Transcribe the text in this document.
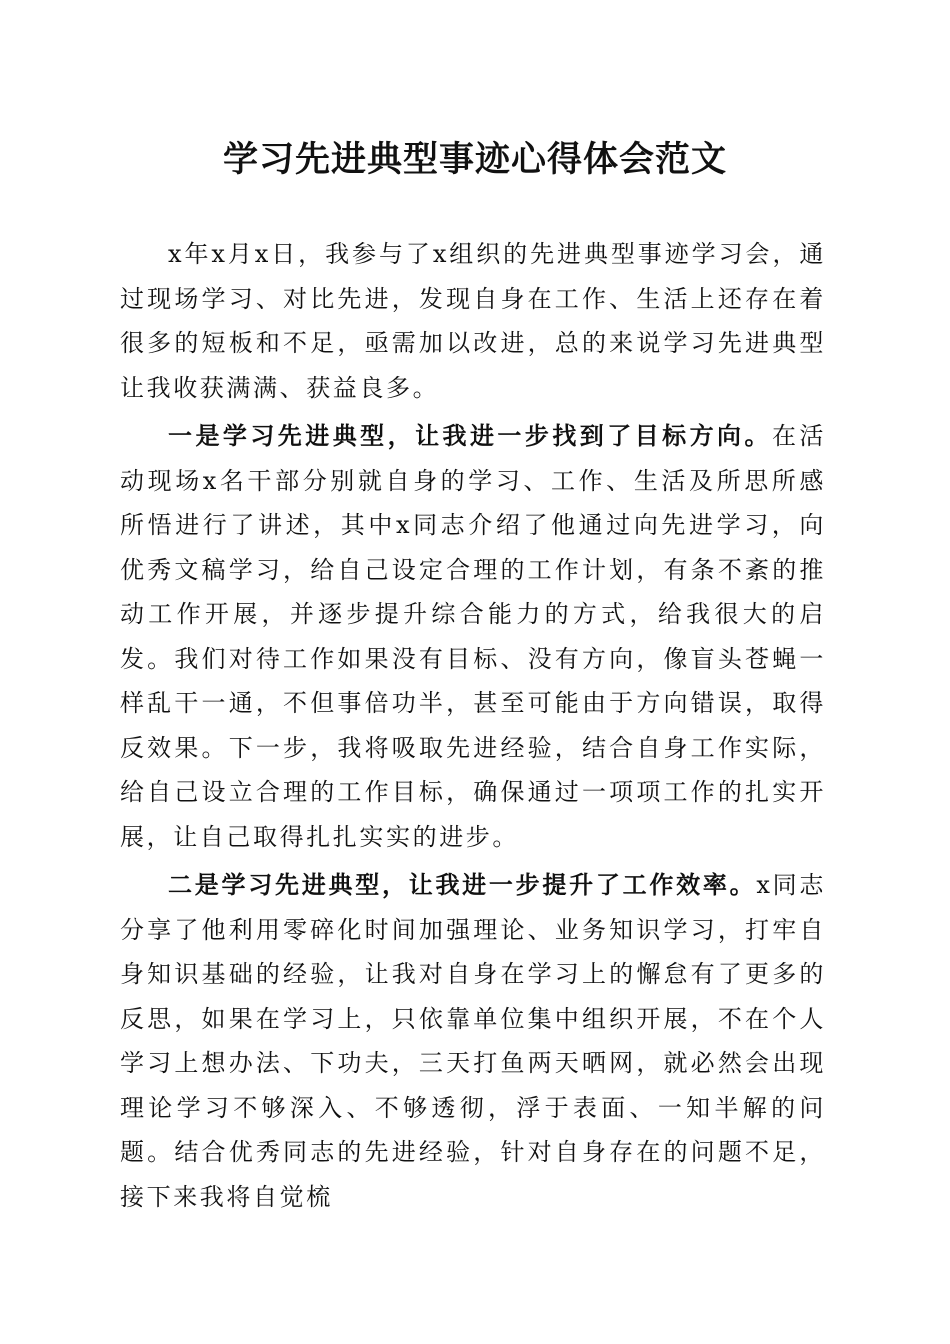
学习先进典型事迹心得体会范文

x年x月x日，我参与了x组织的先进典型事迹学习会，通过现场学习、对比先进，发现自身在工作、生活上还存在着很多的短板和不足，亟需加以改进，总的来说学习先进典型让我收获满满、获益良多。

一是学习先进典型，让我进一步找到了目标方向。在活动现场x名干部分别就自身的学习、工作、生活及所思所感所悟进行了讲述，其中x同志介绍了他通过向先进学习，向优秀文稿学习，给自己设定合理的工作计划，有条不紊的推动工作开展，并逐步提升综合能力的方式，给我很大的启发。我们对待工作如果没有目标、没有方向，像盲头苍蝇一样乱干一通，不但事倍功半，甚至可能由于方向错误，取得反效果。下一步，我将吸取先进经验，结合自身工作实际，给自己设立合理的工作目标，确保通过一项项工作的扎实开展，让自己取得扎扎实实的进步。

二是学习先进典型，让我进一步提升了工作效率。x同志分享了他利用零碎化时间加强理论、业务知识学习，打牢自身知识基础的经验，让我对自身在学习上的懈怠有了更多的反思，如果在学习上，只依靠单位集中组织开展，不在个人学习上想办法、下功夫，三天打鱼两天晒网，就必然会出现理论学习不够深入、不够透彻，浮于表面、一知半解的问题。结合优秀同志的先进经验，针对自身存在的问题不足，接下来我将自觉梳
